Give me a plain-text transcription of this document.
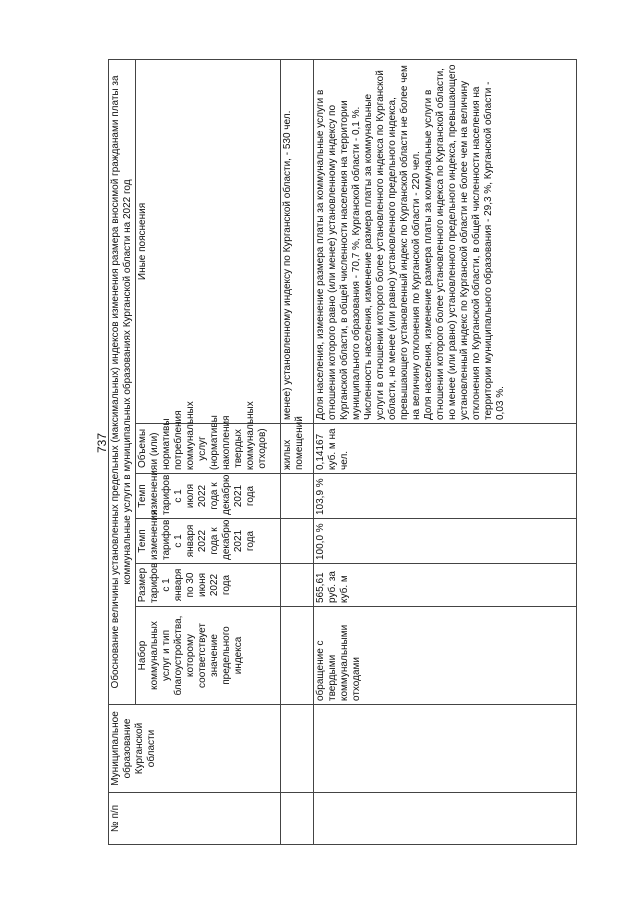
737
№ п/п	Муниципальное образование Курганской области	Обоснование величины установленных предельных (максимальных) индексов изменения размера вносимой гражданами платы за коммунальные услуги в муниципальных образованиях Курганской области на 2022 год					
		Набор коммунальных услуг и тип благоустройства, которому соответствует значение предельного индекса	Размер тарифов с 1 января по 30 июня 2022 года	Темп изменения тарифов с 1 января 2022 года к декабрю 2021 года	Темп изменения тарифов с 1 июля 2022 года к декабрю 2021 года	Объемы и (или) нормативы потребления коммунальных услуг (нормативы накопления твердых коммунальных отходов)	Иные пояснения
						жилых помещений	менее) установленному индексу по Курганской области, - 530 чел.
		обращение с твердыми коммунальными отходами	565,61 руб. за куб. м	100,0 %	103,9 %	0,14167 куб. м на чел.	Доля населения, изменение размера платы за коммунальные услуги в отношении которого равно (или менее) установленному индексу по Курганской области, в общей численности населения на территории муниципального образования - 70,7 %, Курганской области - 0,1 %. Численность населения, изменение размера платы за коммунальные услуги в отношении которого более установленного индекса по Курганской области, но менее (или равно) установленного предельного индекса, превышающего установленный индекс по Курганской области не более чем на величину отклонения по Курганской области - 220 чел. Доля населения, изменение размера платы за коммунальные услуги в отношении которого более установленного индекса по Курганской области, но менее (или равно) установленного предельного индекса, превышающего установленный индекс по Курганской области не более чем на величину отклонения по Курганской области, в общей численности населения на территории муниципального образования - 29,3 %, Курганской области - 0,03 %.
